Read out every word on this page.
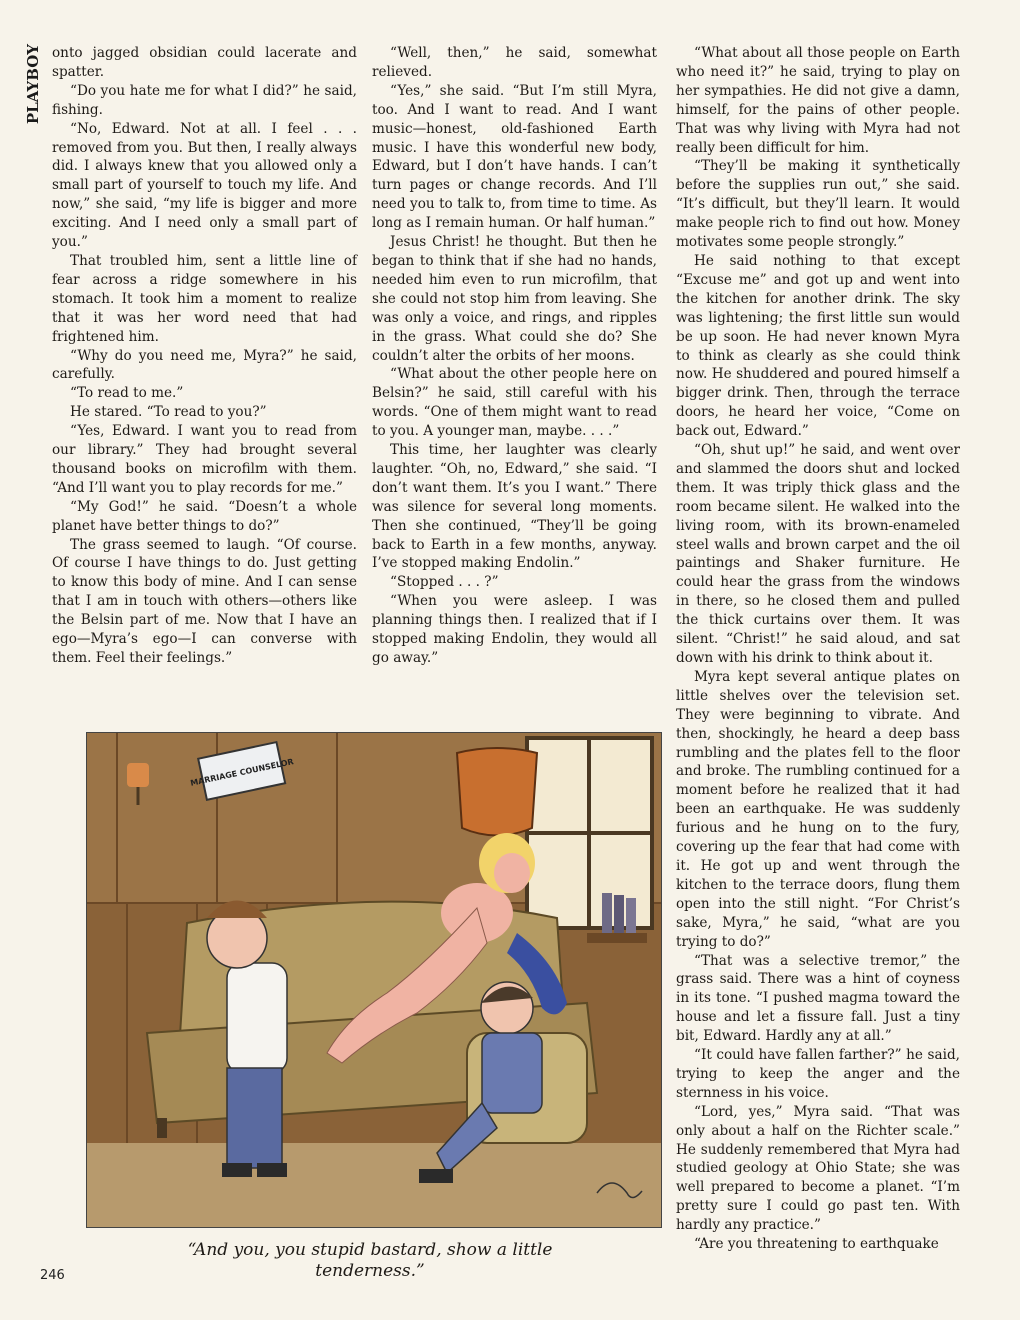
PLAYBOY onto jagged obsidian could lacerate and spatter.

“Do you hate me for what I did?” he said, fishing.

“No, Edward. Not at all. I feel . . . removed from you. But then, I really always did. I always knew that you allowed only a small part of yourself to touch my life. And now,” she said, “my life is bigger and more exciting. And I need only a small part of you.”

That troubled him, sent a little line of fear across a ridge somewhere in his stomach. It took him a moment to realize that it was her word need that had frightened him.

“Why do you need me, Myra?” he said, carefully.

“To read to me.”

He stared. “To read to you?”

“Yes, Edward. I want you to read from our library.” They had brought several thousand books on microfilm with them. “And I’ll want you to play records for me.”

“My God!” he said. “Doesn’t a whole planet have better things to do?”

The grass seemed to laugh. “Of course. Of course I have things to do. Just getting to know this body of mine. And I can sense that I am in touch with others—others like the Belsin part of me. Now that I have an ego—Myra’s ego—I can converse with them. Feel their feelings.”

“Well, then,” he said, somewhat relieved.

“Yes,” she said. “But I’m still Myra, too. And I want to read. And I want music—honest, old-fashioned Earth music. I have this wonderful new body, Edward, but I don’t have hands. I can’t turn pages or change records. And I’ll need you to talk to, from time to time. As long as I remain human. Or half human.”

Jesus Christ! he thought. But then he began to think that if she had no hands, needed him even to run microfilm, that she could not stop him from leaving. She was only a voice, and rings, and ripples in the grass. What could she do? She couldn’t alter the orbits of her moons.

“What about the other people here on Belsin?” he said, still careful with his words. “One of them might want to read to you. A younger man, maybe. . . .”

This time, her laughter was clearly laughter. “Oh, no, Edward,” she said. “I don’t want them. It’s you I want.” There was silence for several long moments. Then she continued, “They’ll be going back to Earth in a few months, anyway. I’ve stopped making Endolin.”

“Stopped . . . ?”

“When you were asleep. I was planning things then. I realized that if I stopped making Endolin, they would all go away.”

“What about all those people on Earth who need it?” he said, trying to play on her sympathies. He did not give a damn, himself, for the pains of other people. That was why living with Myra had not really been difficult for him.

“They’ll be making it synthetically before the supplies run out,” she said. “It’s difficult, but they’ll learn. It would make people rich to find out how. Money motivates some people strongly.”

He said nothing to that except “Excuse me” and got up and went into the kitchen for another drink. The sky was lightening; the first little sun would be up soon. He had never known Myra to think as clearly as she could think now. He shuddered and poured himself a bigger drink. Then, through the terrace doors, he heard her voice, “Come on back out, Edward.”

“Oh, shut up!” he said, and went over and slammed the doors shut and locked them. It was triply thick glass and the room became silent. He walked into the living room, with its brown-enameled steel walls and brown carpet and the oil paintings and Shaker furniture. He could hear the grass from the windows in there, so he closed them and pulled the thick curtains over them. It was silent. “Christ!” he said aloud, and sat down with his drink to think about it.

Myra kept several antique plates on little shelves over the television set. They were beginning to vibrate. And then, shockingly, he heard a deep bass rumbling and the plates fell to the floor and broke. The rumbling continued for a moment before he realized that it had been an earthquake. He was suddenly furious and he hung on to the fury, covering up the fear that had come with it. He got up and went through the kitchen to the terrace doors, flung them open into the still night. “For Christ’s sake, Myra,” he said, “what are you trying to do?”

“That was a selective tremor,” the grass said. There was a hint of coyness in its tone. “I pushed magma toward the house and let a fissure fall. Just a tiny bit, Edward. Hardly any at all.”

“It could have fallen farther?” he said, trying to keep the anger and the sternness in his voice.

“Lord, yes,” Myra said. “That was only about a half on the Richter scale.” He suddenly remembered that Myra had studied geology at Ohio State; she was well prepared to become a planet. “I’m pretty sure I could go past ten. With hardly any practice.”

“Are you threatening to earthquake

MARRIAGE COUNSELOR
“And you, you stupid bastard, show a little tenderness.”
246
